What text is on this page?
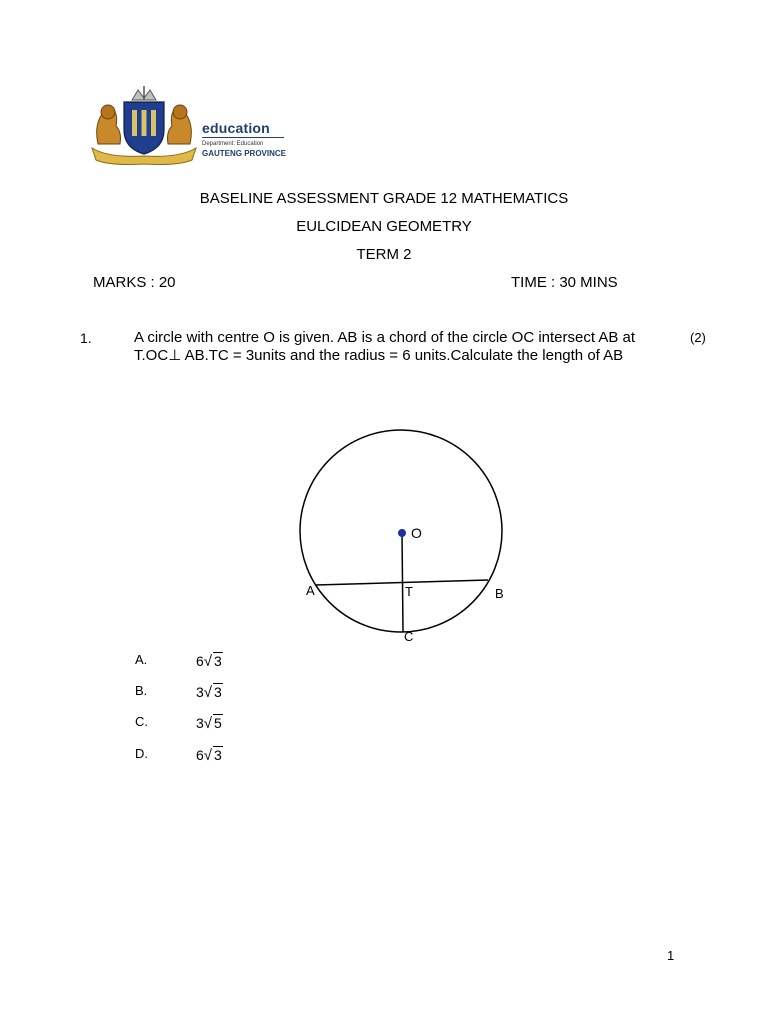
education
Department: Education
GAUTENG PROVINCE
BASELINE ASSESSMENT GRADE 12 MATHEMATICS
EULCIDEAN GEOMETRY
TERM 2
MARKS : 20	TIME : 30 MINS
1.	A circle with centre O is given. AB is a chord of the circle OC intersect AB at T.OC⊥ AB.TC = 3units and the radius = 6 units.Calculate the length of AB
(2)
O
A	T	B
C
A.	6√ 3
B.	3√ 3
C.	3√ 5
D.	6√ 3
1
